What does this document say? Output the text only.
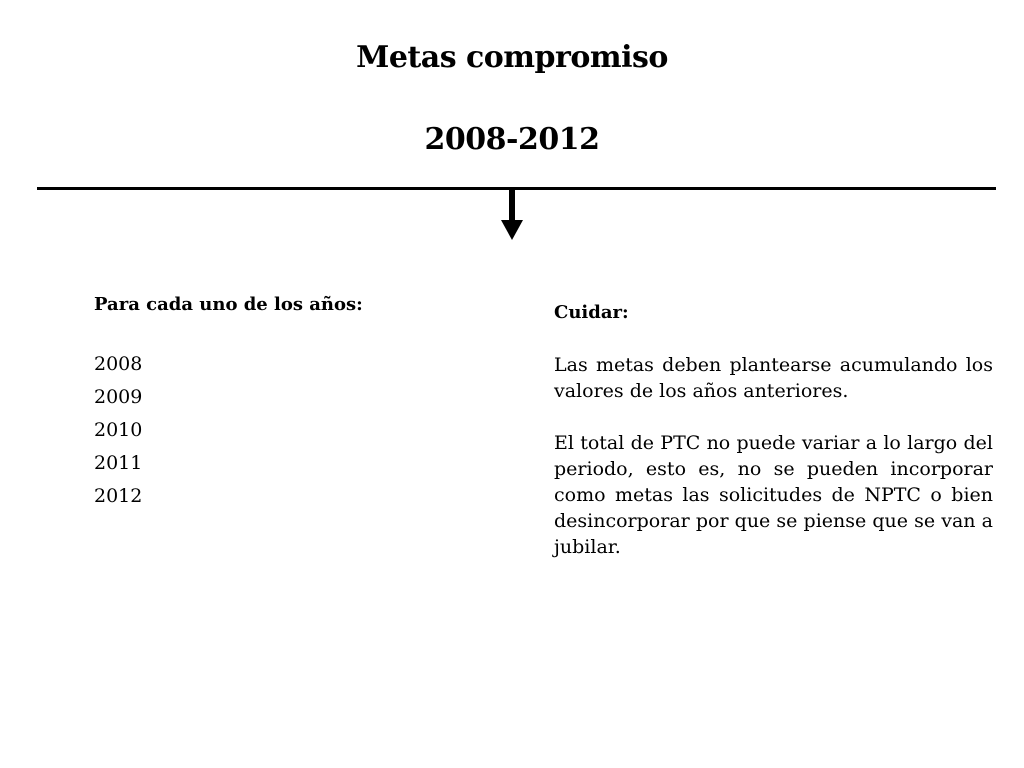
Metas compromiso
2008-2012

Para cada uno de los años:

2008
2009
2010
2011
2012

Cuidar:

Las metas deben plantearse acumulando los valores de los años anteriores.

El total de PTC no puede variar a lo largo del periodo, esto es, no se pueden incorporar como metas las solicitudes de NPTC o bien desincorporar por que se piense que se van a jubilar.
